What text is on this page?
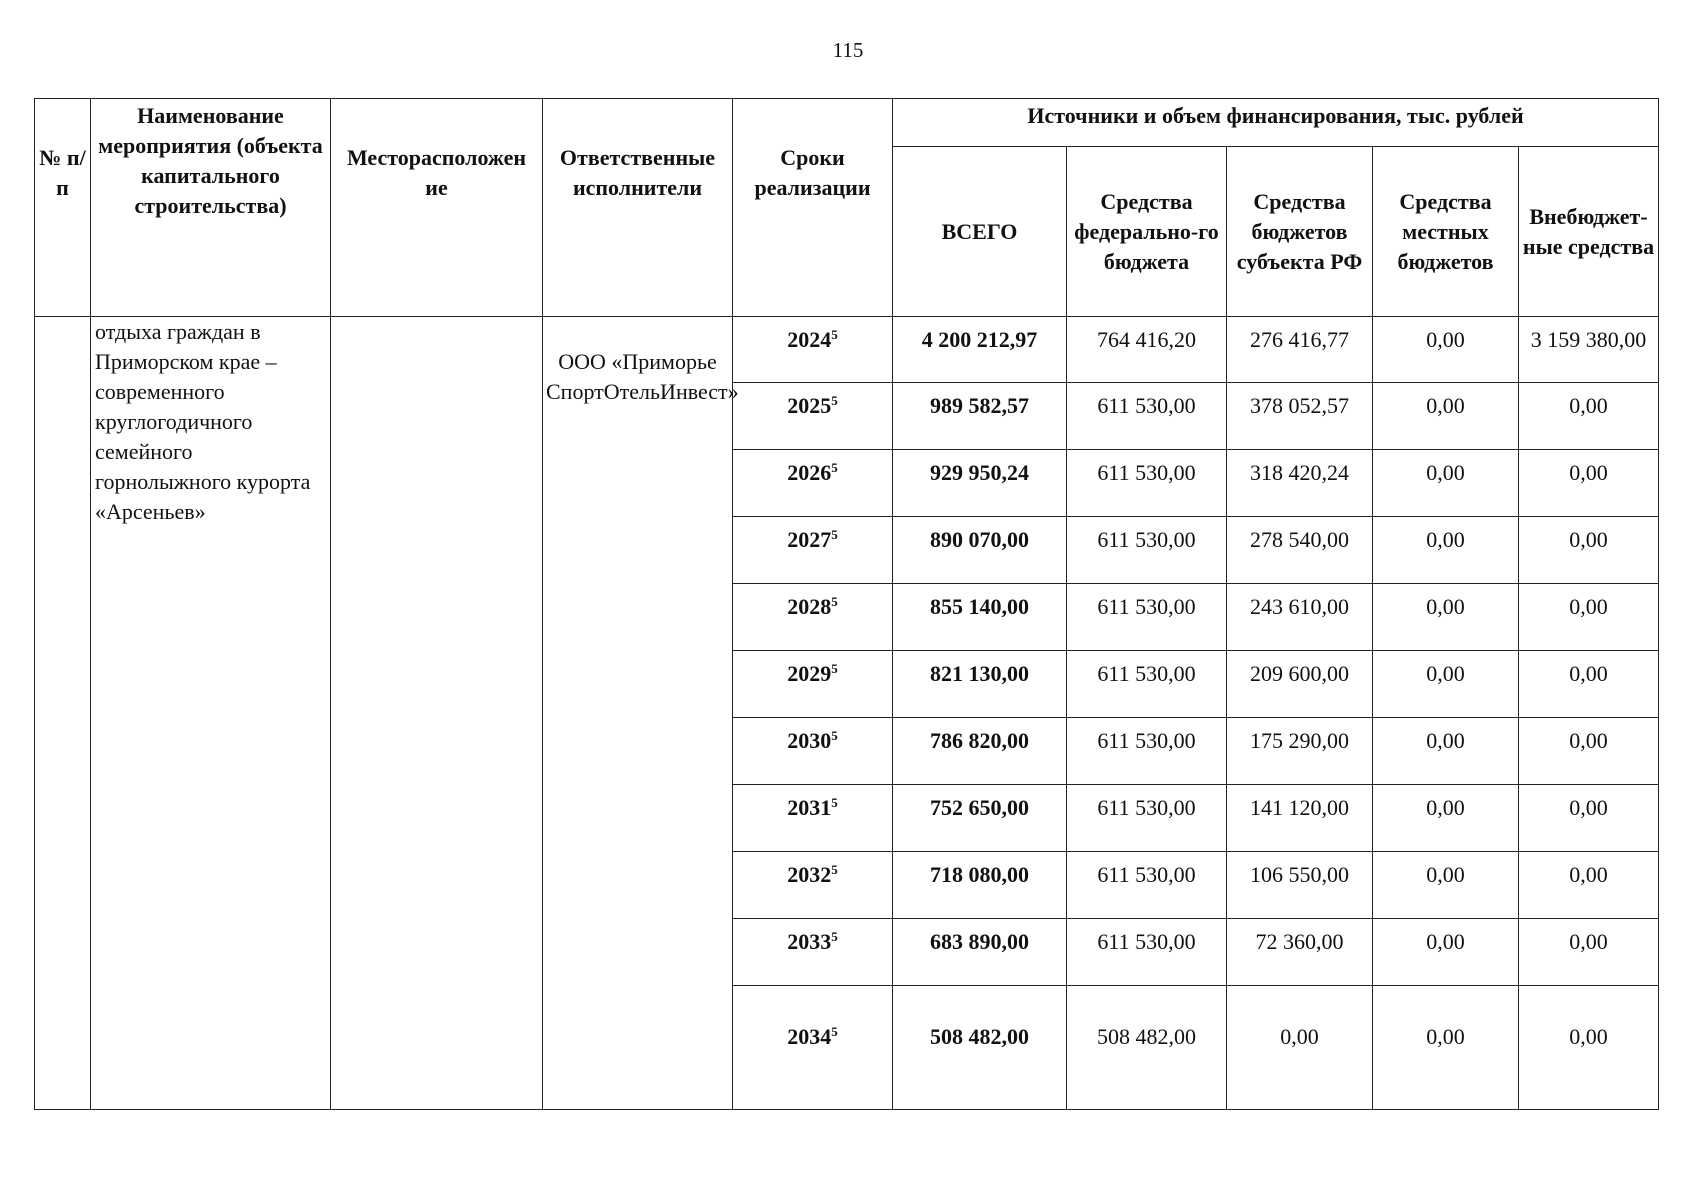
115
№ п/п	Наименование мероприятия (объекта капитального строительства)	Месторасположен ие	Ответственные исполнители	Сроки реализации	Источники и объем финансирования, тыс. рублей				
					ВСЕГО	Средства федерально-го бюджета	Средства бюджетов субъекта РФ	Средства местных бюджетов	Внебюджет-ные средства
	отдыха граждан в Приморском крае – современного круглогодичного семейного горнолыжного курорта «Арсеньев»		ООО «Приморье СпортОтельИнвест»	2024$^5$	4 200 212,97	764 416,20	276 416,77	0,00	3 159 380,00
				2025$^5$	989 582,57	611 530,00	378 052,57	0,00	0,00
				2026$^5$	929 950,24	611 530,00	318 420,24	0,00	0,00
				2027$^5$	890 070,00	611 530,00	278 540,00	0,00	0,00
				2028$^5$	855 140,00	611 530,00	243 610,00	0,00	0,00
				2029$^5$	821 130,00	611 530,00	209 600,00	0,00	0,00
				2030$^5$	786 820,00	611 530,00	175 290,00	0,00	0,00
				2031$^5$	752 650,00	611 530,00	141 120,00	0,00	0,00
				2032$^5$	718 080,00	611 530,00	106 550,00	0,00	0,00
				2033$^5$	683 890,00	611 530,00	72 360,00	0,00	0,00
				2034$^5$	508 482,00	508 482,00	0,00	0,00	0,00
